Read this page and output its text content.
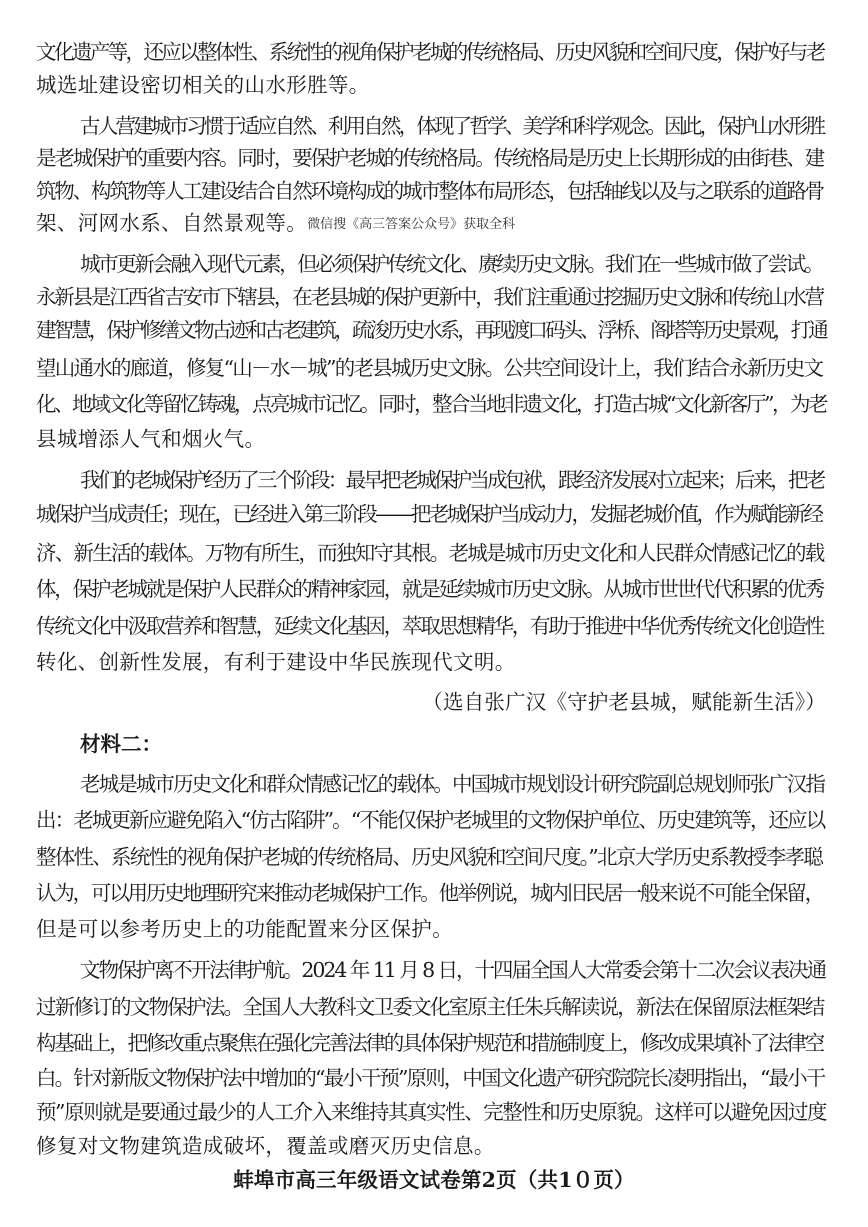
文化遗产等，还应以整体性、系统性的视角保护老城的传统格局、历史风貌和空间尺度，保护好与老
城选址建设密切相关的山水形胜等。
古人营建城市习惯于适应自然、利用自然，体现了哲学、美学和科学观念。因此，保护山水形胜
是老城保护的重要内容。同时，要保护老城的传统格局。传统格局是历史上长期形成的由街巷、建
筑物、构筑物等人工建设结合自然环境构成的城市整体布局形态，包括轴线以及与之联系的道路骨
架、河网水系、自然景观等。微信搜《高三答案公众号》获取全科
城市更新会融入现代元素，但必须保护传统文化、赓续历史文脉。我们在一些城市做了尝试。
永新县是江西省吉安市下辖县，在老县城的保护更新中，我们注重通过挖掘历史文脉和传统山水营
建智慧，保护修缮文物古迹和古老建筑，疏浚历史水系，再现渡口码头、浮桥、阁塔等历史景观，打通
望山通水的廊道，修复“山－水－城”的老县城历史文脉。公共空间设计上，我们结合永新历史文
化、地域文化等留忆铸魂，点亮城市记忆。同时，整合当地非遗文化，打造古城“文化新客厅”，为老
县城增添人气和烟火气。
我们的老城保护经历了三个阶段：最早把老城保护当成包袱，跟经济发展对立起来；后来，把老
城保护当成责任；现在，已经进入第三阶段——把老城保护当成动力，发掘老城价值，作为赋能新经
济、新生活的载体。万物有所生，而独知守其根。老城是城市历史文化和人民群众情感记忆的载
体，保护老城就是保护人民群众的精神家园，就是延续城市历史文脉。从城市世世代代积累的优秀
传统文化中汲取营养和智慧，延续文化基因，萃取思想精华，有助于推进中华优秀传统文化创造性
转化、创新性发展，有利于建设中华民族现代文明。
（选自张广汉《守护老县城，赋能新生活》）
材料二：
老城是城市历史文化和群众情感记忆的载体。中国城市规划设计研究院副总规划师张广汉指
出：老城更新应避免陷入“仿古陷阱”。“不能仅保护老城里的文物保护单位、历史建筑等，还应以
整体性、系统性的视角保护老城的传统格局、历史风貌和空间尺度。”北京大学历史系教授李孝聪
认为，可以用历史地理研究来推动老城保护工作。他举例说，城内旧民居一般来说不可能全保留，
但是可以参考历史上的功能配置来分区保护。
文物保护离不开法律护航。2024 年 11 月 8 日，十四届全国人大常委会第十二次会议表决通
过新修订的文物保护法。全国人大教科文卫委文化室原主任朱兵解读说，新法在保留原法框架结
构基础上，把修改重点聚焦在强化完善法律的具体保护规范和措施制度上，修改成果填补了法律空
白。针对新版文物保护法中增加的“最小干预”原则，中国文化遗产研究院院长凌明指出，“最小干
预”原则就是要通过最少的人工介入来维持其真实性、完整性和历史原貌。这样可以避免因过度
修复对文物建筑造成破坏，覆盖或磨灭历史信息。
蚌埠市高三年级语文试卷第2页（共1０页）
